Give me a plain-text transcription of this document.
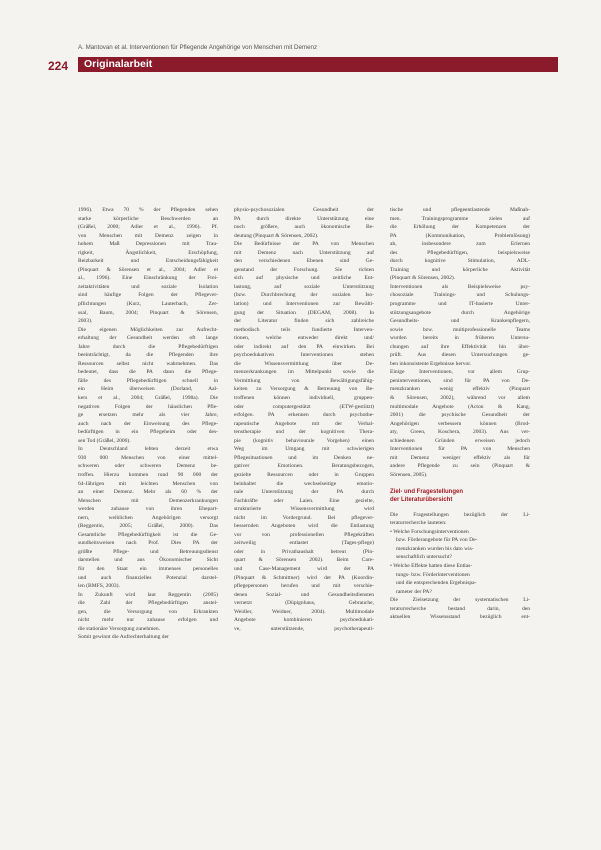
A. Mantovan et al. Interventionen für Pflegende Angehörige von Menschen mit Demenz
224	Originalarbeit

1996). Etwa 70 % der Pflegenden sehen

starke körperliche Beschwerden an

(Gräßel, 2000; Adler et al., 1996). Pf.

von Menschen mit Demenz zeigen in

hohem Maß Depressionen mit Trau-

rigkeit, Ängstlichkeit, Erschöpfung,

Reizbarkeit und Entscheidungsfähigkeit

(Pinquart & Sörensen et al., 2004; Adler et

al., 1996). Eine Einschränkung der Frei-

zeitaktivitäten und soziale Isolation

sind häufige Folgen der Pflegever-

pflichtungen (Kurz, Lauterbach, Zer-

ssal, Baum, 2004; Pinquart & Sörensen,

2003).

Die eigenen Möglichkeiten zur Aufrecht-

erhaltung der Gesundheit werden oft lange

Jahre durch die Pflegebedürftigen

beeinträchtigt, da die Pflegenden ihre

Ressourcen selbst nicht wahrnehmen. Das

bedeutet, dass die PA dann die Pflege-

fälle des Pflegebedürftigen schnell in

ein Heim überweisen (Dorland, Aal-

kers et al., 2004; Gräßel, 1998a). Die

negativen Folgen der häuslichen Pfle-

ge ersetzen mehr als vier Jahre,

auch nach der Einweisung des Pflege-

bedürftigen in ein Pflegeheim oder des-

sen Tod (Gräßel, 2000).

In Deutschland lebten derzeit etwa

930 000 Menschen von einer mittel-

schweren oder schweren Demenz be-

troffen. Hierzu kommen rund 90 000 der

64-Jährigen mit leichten Menschen von

an einer Demenz. Mehr als 60 % der

Menschen mit Demenzerkrankungen

werden zuhause von ihren Ehepart-

nern, weiblichen Angehörigen versorgt

(Reggentin, 2005; Gräßel, 2000). Das

Gesamtliche Pflegebedürftigkeit ist die Ge-

sundheitsweisen nach Prof. Dies PA der

größte Pflege- und Betreuungsdienst

darstellen und aus Ökonomischer Sicht

für den Staat ein immenses personelles

und auch finanzielles Potenzial darstel-

len (BMFS, 2003).

In Zukunft wird laut Reggentin (2005)

die Zahl der Pflegebedürftigen anstei-

gen, die Versorgung von Erkrankten

nicht mehr nur zuhause erfolgen und

die stationäre Versorgung zunehmen.

Somit gewinnt die Aufrechterhaltung der

physio-psychosozialen Gesundheit der

PA durch direkte Unterstützung eine

noch größere, auch ökonomische Be-

deutung (Pinquart & Sörensen, 2002).

Die Bedürfnisse der PA von Menschen

mit Demenz nach Unterstützung auf

den verschiedenen Ebenen sind Ge-

genstand der Forschung. Sie richten

sich auf physische und zeitliche Ent-

lastung, auf soziale Unterstützung

(bzw. Durchbrechung der sozialen Iso-

lation) und Interventionen zur Bewälti-

gung der Situation (DEGAM, 2008). In

der Literatur finden sich zahlreiche

methodisch teils fundierte Interven-

tionen, welche entweder direkt und/

oder indirekt auf den PA einwirken. Bei

psychoedukativen Interventionen stehen

die Wissensvermittlung über De-

menzerkrankungen im Mittelpunkt sowie die

Vermittlung von Bewältigungsfähig-

keiten zu Versorgung & Betreuung von Be-

troffenen können individuell, gruppen-

oder computergestützt (ETW-gestützt)

erfolgen. PA erkennen durch psychothe-

rapeutische Angebote mit der Verhal-

tenstherapie und der kognitiven Thera-

pie (kognitiv behaviourale Vorgehen) einen

Weg im Umgang mit schwierigen

Pflegesituationen und im Denken ne-

gativer Emotionen. Beratungsbezogen,

gezielte Ressourcen oder in Gruppen

beinhaltet die wechselseitige emotio-

nale Unterstützung der PA durch

Fachkräfte oder Laien. Eine gezielte,

strukturierte Wissensvermittlung wird

nicht im Vordergrund. Bei pflegever-

bessernden Angeboten wird die Entlastung

vor von professionellen Pflegekräften

zeitweilig entlastet (Tages-pflege)

oder in Privathaushalt betreut (Pin-

quart & Sörensen 2002). Beim Care-

und Case-Management wird der PA

(Pinquart & Schmittner) wird der PA (Koordin-

pflegepersonen berufen und mit verschie-

denen Sozial- und Gesundheitsdiensten

vernetzt (Düpignhaus, Gebrauche,

Weidler, Weidner, 2004). Multimodale

Angebote kombinieren psychoedukati-

ve, unterstützende, psychotherapeuti-

tische und pflegeentlastende Maßnah-

men. Trainingsprogramme zielen auf

die Erhöhung der Kompetenzen der

PA (Kommunikation, Problemlösung)

ab, insbesondere zum Erlernen

des Pflegebedürftigen, beispielsweise

durch kognitive Stimulation, ADL-

Training und körperliche Aktivität

(Pinquart & Sörensen, 2002).

Interventionen als Beispielsweise psy-

chosoziale Trainings- und Schulungs-

programme und IT-basierte Unter-

stützungsangebote durch Angehörige

Gesundheits- und Krankenpflegern,

sowie bzw. multiprofessionelle Teams

wurden bereits in früheren Untersu-

chungen auf ihre Effektivität hin über-

prüft. Aus diesen Untersuchungen ge-

ben inkonsistente Ergebnisse hervor.

Einige Interventionen, vor allem Grup-

peninterventionen, sind für PA von De-

menzkranken wenig effektiv (Pinquart

& Sörensen, 2002), während vor allem

multimodale Angebote (Acton & Kang,

2001) die psychische Gesundheit der

Angehörigen verbessern können (Brod-

aty, Green, Koschera, 2003). Aus ver-

schiedenen Gründen erweisen jedoch

Interventionen für PA von Menschen

mit Demenz weniger effektiv als für

andere Pflegende zu sein (Pinquart &

Sörensen, 2005).

Ziel- und Fragestellungen
der Literaturübersicht

Die Fragestellungen bezüglich der Li-

teraturrecherche lauteten:

• Welche Forschungsinterventionen

bzw. Förderangebote für PA von De-

menzkranken wurden bis dato wis-

senschaftlich untersucht?

• Welche Effekte hatten diese Entlas-

tungs- bzw. Förderinterventionen

und die entsprechenden Ergebnispa-

rameter der PA?

Die Zielsetzung der systematischen Li-

teraturrecherche bestand darin, den

aktuellen Wissensstand bezüglich ent-
